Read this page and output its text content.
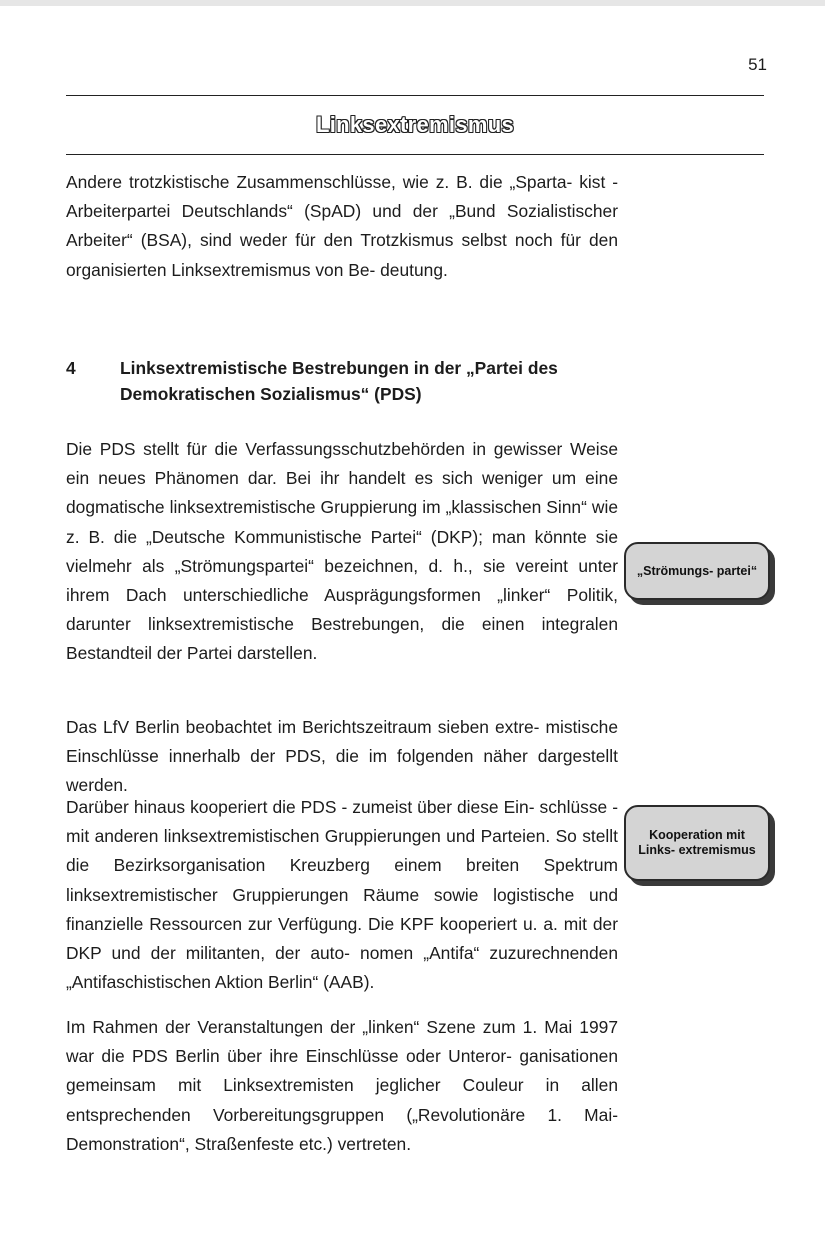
51
Linksextremismus

Andere trotzkistische Zusammenschlüsse, wie z. B. die „Sparta- kist - Arbeiterpartei Deutschlands“ (SpAD) und der „Bund Sozialistischer Arbeiter“ (BSA), sind weder für den Trotzkismus selbst noch für den organisierten Linksextremismus von Be- deutung.

4	Linksextremistische Bestrebungen in der „Partei des Demokratischen Sozialismus“ (PDS)

Die PDS stellt für die Verfassungsschutzbehörden in gewisser Weise ein neues Phänomen dar. Bei ihr handelt es sich weniger um eine dogmatische linksextremistische Gruppierung im „klassischen Sinn“ wie z. B. die „Deutsche Kommunistische Partei“ (DKP); man könnte sie vielmehr als „Strömungspartei“ bezeichnen, d. h., sie vereint unter ihrem Dach unterschiedliche Ausprägungsformen „linker“ Politik, darunter linksextremistische Bestrebungen, die einen integralen Bestandteil der Partei darstellen.

Das LfV Berlin beobachtet im Berichtszeitraum sieben extre- mistische Einschlüsse innerhalb der PDS, die im folgenden näher dargestellt werden.

Darüber hinaus kooperiert die PDS - zumeist über diese Ein- schlüsse - mit anderen linksextremistischen Gruppierungen und Parteien. So stellt die Bezirksorganisation Kreuzberg einem breiten Spektrum linksextremistischer Gruppierungen Räume sowie logistische und finanzielle Ressourcen zur Verfügung. Die KPF kooperiert u. a. mit der DKP und der militanten, der auto- nomen „Antifa“ zuzurechnenden „Antifaschistischen Aktion Berlin“ (AAB).

Im Rahmen der Veranstaltungen der „linken“ Szene zum 1. Mai 1997 war die PDS Berlin über ihre Einschlüsse oder Unteror- ganisationen gemeinsam mit Linksextremisten jeglicher Couleur in allen entsprechenden Vorbereitungsgruppen („Revolutionäre 1. Mai-Demonstration“, Straßenfeste etc.) vertreten.

„Strömungs- partei“
Kooperation mit Links- extremismus
